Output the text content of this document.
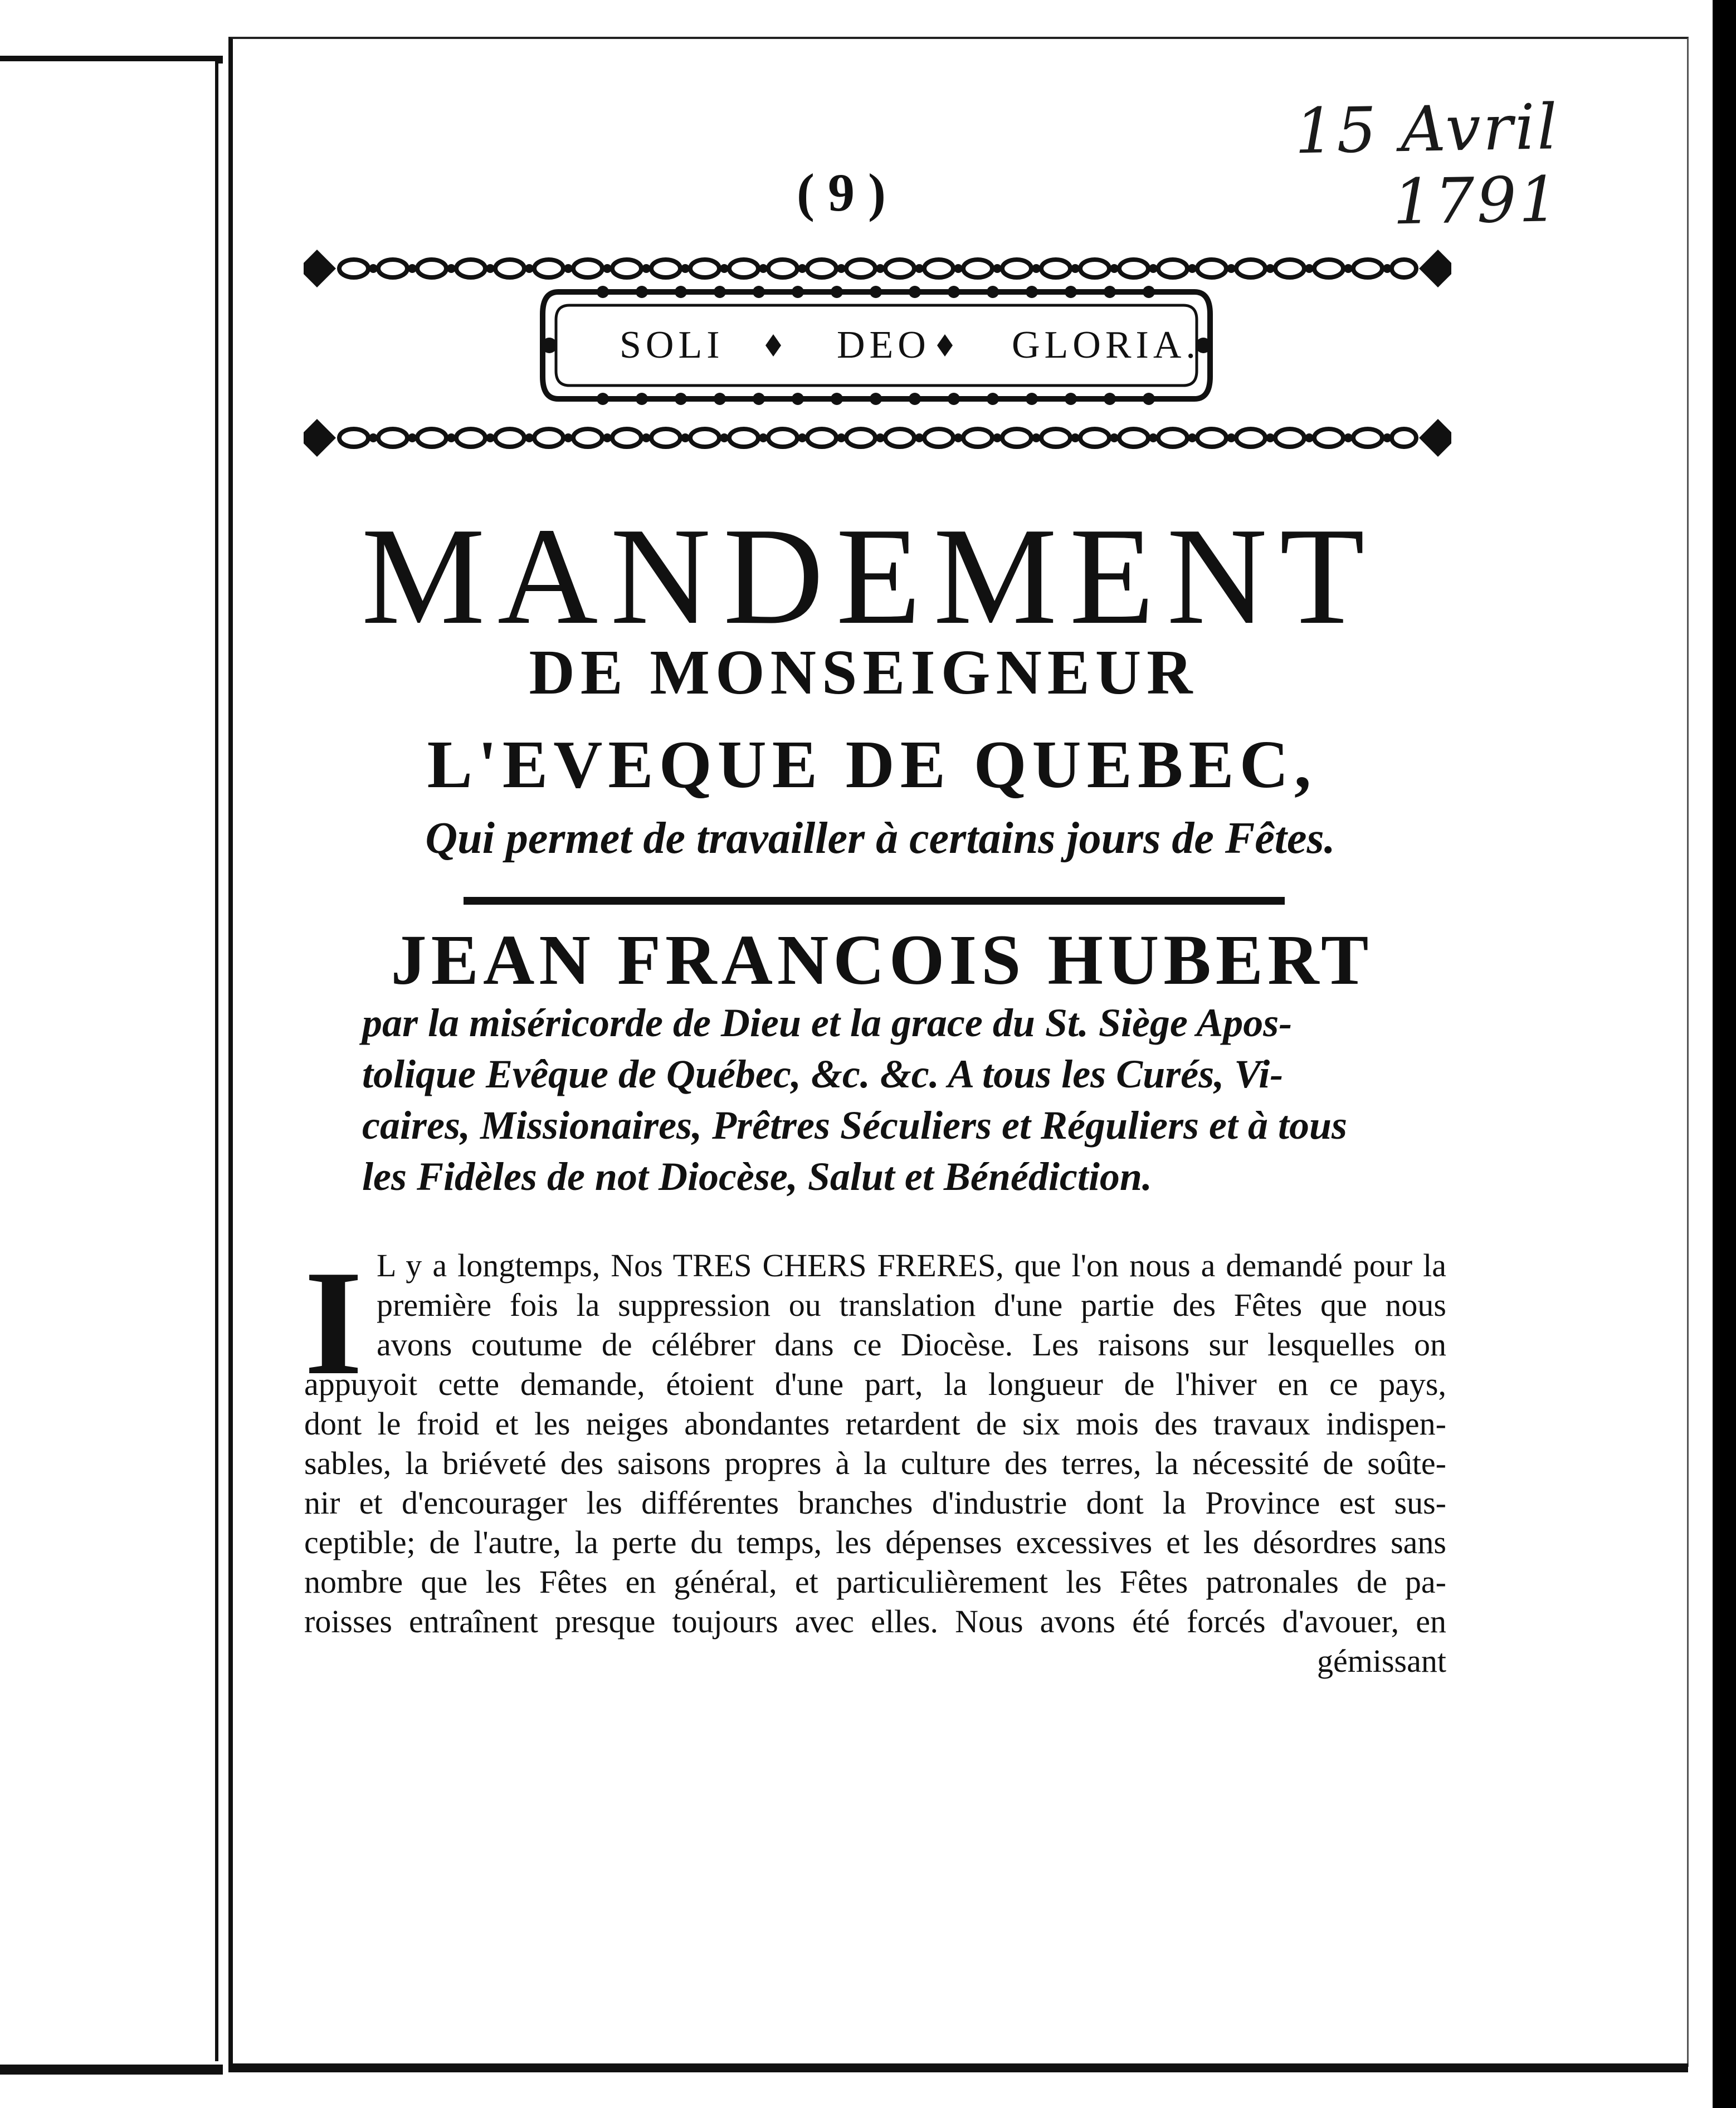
15 Avril 1791
( 9 )
SOLI	DEO GLORIA.
MANDEMENT
DE MONSEIGNEUR
L'EVEQUE DE QUEBEC,
Qui permet de travailler à certains jours de Fêtes.
JEAN FRANCOIS HUBERT
par la miséricorde de Dieu et la grace du St. Siège Apos-
tolique Evêque de Québec, &c. &c. A tous les Curés, Vi-
caires, Missionaires, Prêtres Séculiers et Réguliers et à tous
les Fidèles de not Diocèse, Salut et Bénédiction.
I L y a longtemps, Nos TRES CHERS FRERES, que l'on nous a demandé pour la
première fois la suppression ou translation d'une partie des Fêtes que nous
avons coutume de célébrer dans ce Diocèse. Les raisons sur lesquelles on
appuyoit cette demande, étoient d'une part, la longueur de l'hiver en ce pays,
dont le froid et les neiges abondantes retardent de six mois des travaux indispen-
sables, la briéveté des saisons propres à la culture des terres, la nécessité de soûte-
nir et d'encourager les différentes branches d'industrie dont la Province est sus-
ceptible; de l'autre, la perte du temps, les dépenses excessives et les désordres sans
nombre que les Fêtes en général, et particulièrement les Fêtes patronales de pa-
roisses entraînent presque toujours avec elles. Nous avons été forcés d'avouer, en
gémissant
